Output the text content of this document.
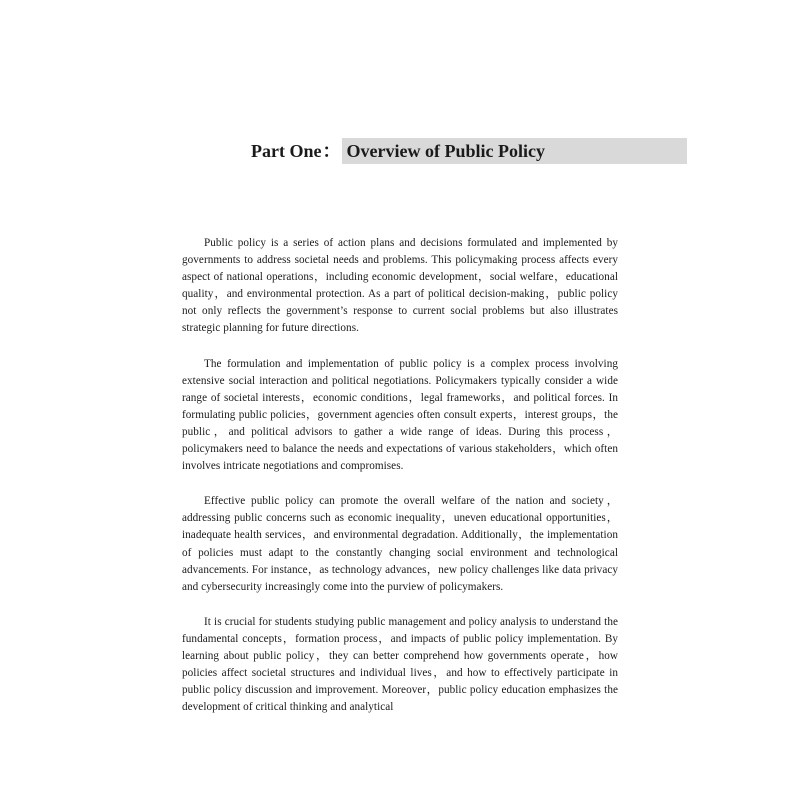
Part One ： Overview of Public Policy

Public policy is a series of action plans and decisions formulated and implemented by governments to address societal needs and problems. This policymaking process affects every aspect of national operations，including economic development，social welfare，educational quality，and environmental protection. As a part of political decision-making，public policy not only reflects the government’s response to current social problems but also illustrates strategic planning for future directions.

The formulation and implementation of public policy is a complex process involving extensive social interaction and political negotiations. Policymakers typically consider a wide range of societal interests，economic conditions，legal frameworks，and political forces. In formulating public policies，government agencies often consult experts，interest groups，the public，and political advisors to gather a wide range of ideas. During this process，policymakers need to balance the needs and expectations of various stakeholders，which often involves intricate negotiations and compromises.

Effective public policy can promote the overall welfare of the nation and society，addressing public concerns such as economic inequality，uneven educational opportunities，inadequate health services，and environmental degradation. Additionally，the implementation of policies must adapt to the constantly changing social environment and technological advancements. For instance，as technology advances，new policy challenges like data privacy and cybersecurity increasingly come into the purview of policymakers.

It is crucial for students studying public management and policy analysis to understand the fundamental concepts，formation process，and impacts of public policy implementation. By learning about public policy，they can better comprehend how governments operate，how policies affect societal structures and individual lives，and how to effectively participate in public policy discussion and improvement. Moreover，public policy education emphasizes the development of critical thinking and analytical
